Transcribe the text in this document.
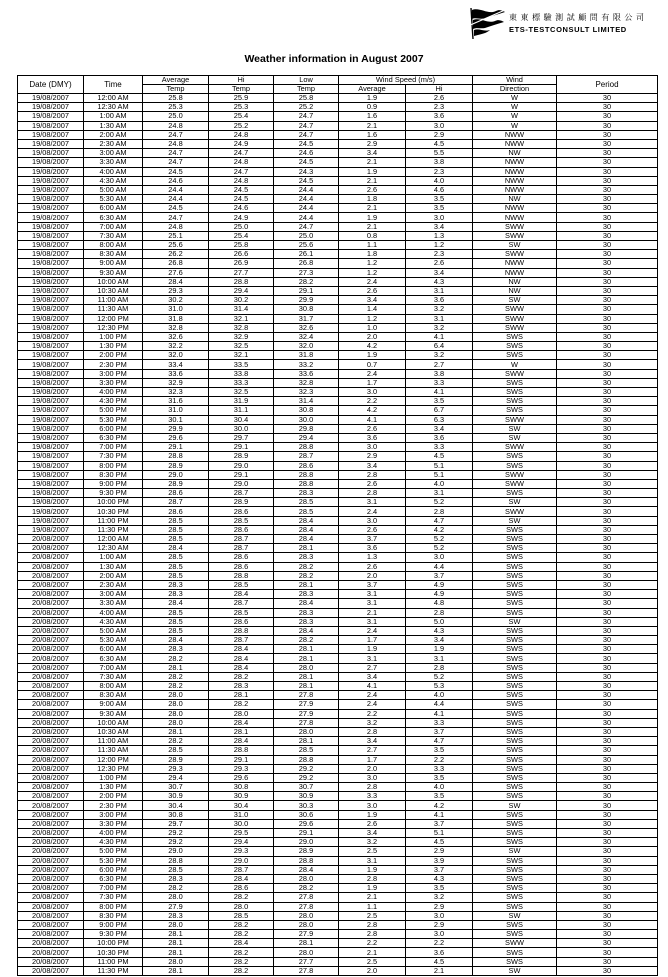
東 東 標 驗 測 試 顧 問 有 限 公 司
ETS-TESTCONSULT LIMITED
Weather information in August 2007
Date (DMY)	Time	Average	Hi	Low	Wind Speed (m/s)		Wind	Period
		Temp	Temp	Temp	Average	Hi	Direction	
19/08/2007	12:00 AM	25.8	25.9	25.8	1.9	2.6	W	30
19/08/2007	12:30 AM	25.3	25.3	25.2	0.9	2.3	W	30
19/08/2007	1:00 AM	25.0	25.4	24.7	1.6	3.6	W	30
19/08/2007	1:30 AM	24.8	25.2	24.7	2.1	3.0	W	30
19/08/2007	2:00 AM	24.7	24.8	24.7	1.6	2.9	NWW	30
19/08/2007	2:30 AM	24.8	24.9	24.5	2.9	4.5	NWW	30
19/08/2007	3:00 AM	24.7	24.7	24.6	3.4	5.5	NW	30
19/08/2007	3:30 AM	24.7	24.8	24.5	2.1	3.8	NWW	30
19/08/2007	4:00 AM	24.5	24.7	24.3	1.9	2.3	NWW	30
19/08/2007	4:30 AM	24.6	24.8	24.5	2.1	4.0	NWW	30
19/08/2007	5:00 AM	24.4	24.5	24.4	2.6	4.6	NWW	30
19/08/2007	5:30 AM	24.4	24.5	24.4	1.8	3.5	NW	30
19/08/2007	6:00 AM	24.5	24.6	24.4	2.1	3.5	NWW	30
19/08/2007	6:30 AM	24.7	24.9	24.4	1.9	3.0	NWW	30
19/08/2007	7:00 AM	24.8	25.0	24.7	2.1	3.4	SWW	30
19/08/2007	7:30 AM	25.1	25.4	25.0	0.8	1.3	SWW	30
19/08/2007	8:00 AM	25.6	25.8	25.6	1.1	1.2	SW	30
19/08/2007	8:30 AM	26.2	26.6	26.1	1.8	2.3	SWW	30
19/08/2007	9:00 AM	26.8	26.9	26.8	1.2	2.6	NWW	30
19/08/2007	9:30 AM	27.6	27.7	27.3	1.2	3.4	NWW	30
19/08/2007	10:00 AM	28.4	28.8	28.2	2.4	4.3	NW	30
19/08/2007	10:30 AM	29.3	29.4	29.1	2.6	3.1	NW	30
19/08/2007	11:00 AM	30.2	30.2	29.9	3.4	3.6	SW	30
19/08/2007	11:30 AM	31.0	31.4	30.8	1.4	3.2	SWW	30
19/08/2007	12:00 PM	31.8	32.1	31.7	1.2	3.1	SWW	30
19/08/2007	12:30 PM	32.8	32.8	32.6	1.0	3.2	SWW	30
19/08/2007	1:00 PM	32.6	32.9	32.4	2.0	4.1	SWS	30
19/08/2007	1:30 PM	32.2	32.5	32.0	4.2	6.4	SWS	30
19/08/2007	2:00 PM	32.0	32.1	31.8	1.9	3.2	SWS	30
19/08/2007	2:30 PM	33.4	33.5	33.2	0.7	2.7	W	30
19/08/2007	3:00 PM	33.6	33.8	33.6	2.4	3.8	SWW	30
19/08/2007	3:30 PM	32.9	33.3	32.8	1.7	3.3	SWS	30
19/08/2007	4:00 PM	32.3	32.5	32.3	3.0	4.1	SWS	30
19/08/2007	4:30 PM	31.6	31.9	31.4	2.2	3.5	SWS	30
19/08/2007	5:00 PM	31.0	31.1	30.8	4.2	6.7	SWS	30
19/08/2007	5:30 PM	30.1	30.4	30.0	4.1	6.3	SWW	30
19/08/2007	6:00 PM	29.9	30.0	29.8	2.6	3.4	SW	30
19/08/2007	6:30 PM	29.6	29.7	29.4	3.6	3.6	SW	30
19/08/2007	7:00 PM	29.1	29.1	28.8	3.0	3.3	SWW	30
19/08/2007	7:30 PM	28.8	28.9	28.7	2.9	4.5	SWS	30
19/08/2007	8:00 PM	28.9	29.0	28.6	3.4	5.1	SWS	30
19/08/2007	8:30 PM	29.0	29.1	28.8	2.8	5.1	SWW	30
19/08/2007	9:00 PM	28.9	29.0	28.8	2.6	4.0	SWW	30
19/08/2007	9:30 PM	28.6	28.7	28.3	2.8	3.1	SWS	30
19/08/2007	10:00 PM	28.7	28.9	28.5	3.1	5.2	SW	30
19/08/2007	10:30 PM	28.6	28.6	28.5	2.4	2.8	SWW	30
19/08/2007	11:00 PM	28.5	28.5	28.4	3.0	4.7	SW	30
19/08/2007	11:30 PM	28.5	28.6	28.4	2.6	4.2	SWS	30
20/08/2007	12:00 AM	28.5	28.7	28.4	3.7	5.2	SWS	30
20/08/2007	12:30 AM	28.4	28.7	28.1	3.6	5.2	SWS	30
20/08/2007	1:00 AM	28.5	28.6	28.3	1.3	3.0	SWS	30
20/08/2007	1:30 AM	28.5	28.6	28.2	2.6	4.4	SWS	30
20/08/2007	2:00 AM	28.5	28.8	28.2	2.0	3.7	SWS	30
20/08/2007	2:30 AM	28.3	28.5	28.1	3.7	4.9	SWS	30
20/08/2007	3:00 AM	28.3	28.4	28.3	3.1	4.9	SWS	30
20/08/2007	3:30 AM	28.4	28.7	28.4	3.1	4.8	SWS	30
20/08/2007	4:00 AM	28.5	28.5	28.3	2.1	2.8	SWS	30
20/08/2007	4:30 AM	28.5	28.6	28.3	3.1	5.0	SW	30
20/08/2007	5:00 AM	28.5	28.8	28.4	2.4	4.3	SWS	30
20/08/2007	5:30 AM	28.4	28.7	28.2	1.7	3.4	SWS	30
20/08/2007	6:00 AM	28.3	28.4	28.1	1.9	1.9	SWS	30
20/08/2007	6:30 AM	28.2	28.4	28.1	3.1	3.1	SWS	30
20/08/2007	7:00 AM	28.1	28.4	28.0	2.7	2.8	SWS	30
20/08/2007	7:30 AM	28.2	28.2	28.1	3.4	5.2	SWS	30
20/08/2007	8:00 AM	28.2	28.3	28.1	4.1	5.3	SWS	30
20/08/2007	8:30 AM	28.0	28.1	27.8	2.4	4.0	SWS	30
20/08/2007	9:00 AM	28.0	28.2	27.9	2.4	4.4	SWS	30
20/08/2007	9:30 AM	28.0	28.0	27.9	2.2	4.1	SWS	30
20/08/2007	10:00 AM	28.0	28.4	27.8	3.2	3.3	SWS	30
20/08/2007	10:30 AM	28.1	28.1	28.0	2.8	3.7	SWS	30
20/08/2007	11:00 AM	28.2	28.4	28.1	3.4	4.7	SWS	30
20/08/2007	11:30 AM	28.5	28.8	28.5	2.7	3.5	SWS	30
20/08/2007	12:00 PM	28.9	29.1	28.8	1.7	2.2	SWS	30
20/08/2007	12:30 PM	29.3	29.3	29.2	2.0	3.3	SWS	30
20/08/2007	1:00 PM	29.4	29.6	29.2	3.0	3.5	SWS	30
20/08/2007	1:30 PM	30.7	30.8	30.7	2.8	4.0	SWS	30
20/08/2007	2:00 PM	30.9	30.9	30.9	3.3	3.5	SWS	30
20/08/2007	2:30 PM	30.4	30.4	30.3	3.0	4.2	SW	30
20/08/2007	3:00 PM	30.8	31.0	30.6	1.9	4.1	SWS	30
20/08/2007	3:30 PM	29.7	30.0	29.6	2.6	3.7	SWS	30
20/08/2007	4:00 PM	29.2	29.5	29.1	3.4	5.1	SWS	30
20/08/2007	4:30 PM	29.2	29.4	29.0	3.2	4.5	SWS	30
20/08/2007	5:00 PM	29.0	29.3	28.9	2.5	2.9	SW	30
20/08/2007	5:30 PM	28.8	29.0	28.8	3.1	3.9	SWS	30
20/08/2007	6:00 PM	28.5	28.7	28.4	1.9	3.7	SWS	30
20/08/2007	6:30 PM	28.3	28.4	28.0	2.8	4.3	SWS	30
20/08/2007	7:00 PM	28.2	28.6	28.2	1.9	3.5	SWS	30
20/08/2007	7:30 PM	28.0	28.2	27.8	2.1	3.2	SWS	30
20/08/2007	8:00 PM	27.9	28.0	27.8	1.1	2.9	SWS	30
20/08/2007	8:30 PM	28.3	28.5	28.0	2.5	3.0	SW	30
20/08/2007	9:00 PM	28.0	28.2	28.0	2.8	2.9	SWS	30
20/08/2007	9:30 PM	28.1	28.2	27.9	2.8	3.0	SWS	30
20/08/2007	10:00 PM	28.1	28.4	28.1	2.2	2.2	SWW	30
20/08/2007	10:30 PM	28.1	28.2	28.0	2.1	3.6	SWS	30
20/08/2007	11:00 PM	28.0	28.2	27.7	2.5	4.5	SWS	30
20/08/2007	11:30 PM	28.1	28.2	27.8	2.0	2.1	SW	30
